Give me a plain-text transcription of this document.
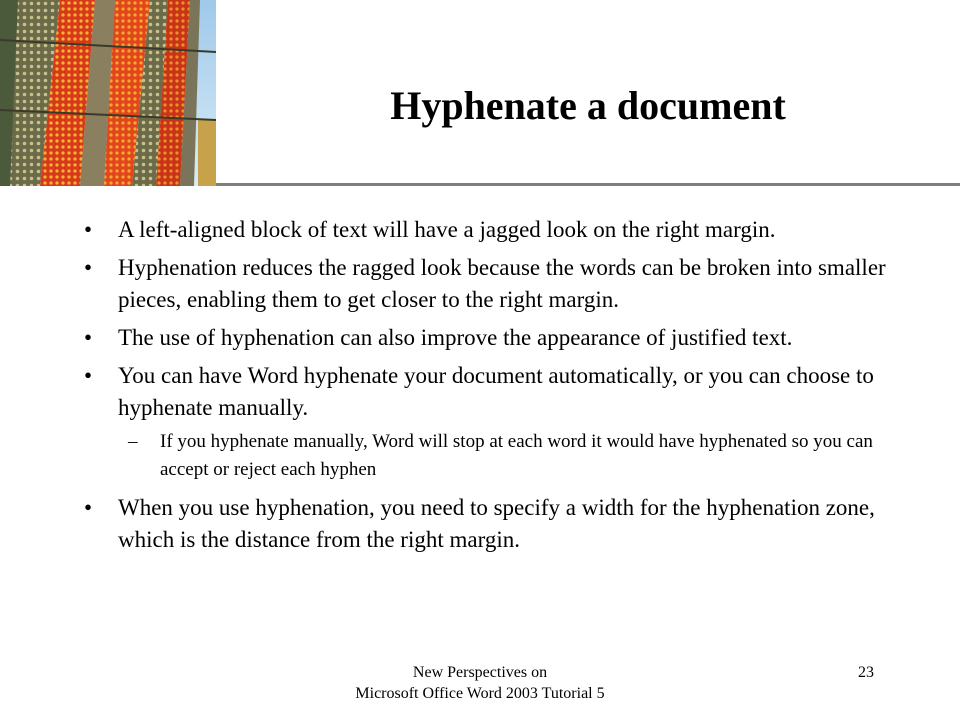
Hyphenate a document
• A left-aligned block of text will have a jagged look on the right margin.
• Hyphenation reduces the ragged look because the words can be broken into smaller pieces, enabling them to get closer to the right margin.
• The use of hyphenation can also improve the appearance of justified text.
• You can have Word hyphenate your document automatically, or you can choose to hyphenate manually.
– If you hyphenate manually, Word will stop at each word it would have hyphenated so you can accept or reject each hyphen
• When you use hyphenation, you need to specify a width for the hyphenation zone, which is the distance from the right margin.
New Perspectives on
Microsoft Office Word 2003 Tutorial 5
23
